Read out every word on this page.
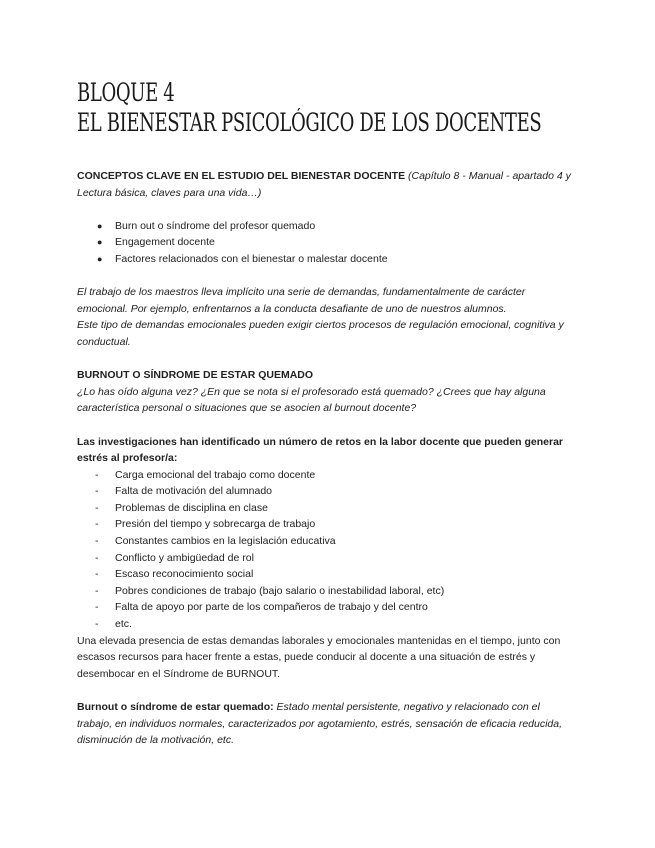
BLOQUE 4
EL BIENESTAR PSICOLÓGICO DE LOS DOCENTES

CONCEPTOS CLAVE EN EL ESTUDIO DEL BIENESTAR DOCENTE (Capítulo 8 - Manual - apartado 4 y Lectura básica, claves para una vida…)

● Burn out o síndrome del profesor quemado
● Engagement docente
● Factores relacionados con el bienestar o malestar docente

El trabajo de los maestros lleva implícito una serie de demandas, fundamentalmente de carácter emocional. Por ejemplo, enfrentarnos a la conducta desafiante de uno de nuestros alumnos.

Este tipo de demandas emocionales pueden exigir ciertos procesos de regulación emocional, cognitiva y conductual.

BURNOUT O SÍNDROME DE ESTAR QUEMADO

¿Lo has oído alguna vez? ¿En que se nota si el profesorado está quemado? ¿Crees que hay alguna característica personal o situaciones que se asocien al burnout docente?

Las investigaciones han identificado un número de retos en la labor docente que pueden generar estrés al profesor/a:

- Carga emocional del trabajo como docente
- Falta de motivación del alumnado
- Problemas de disciplina en clase
- Presión del tiempo y sobrecarga de trabajo
- Constantes cambios en la legislación educativa
- Conflicto y ambigüedad de rol
- Escaso reconocimiento social
- Pobres condiciones de trabajo (bajo salario o inestabilidad laboral, etc)
- Falta de apoyo por parte de los compañeros de trabajo y del centro
- etc.

Una elevada presencia de estas demandas laborales y emocionales mantenidas en el tiempo, junto con escasos recursos para hacer frente a estas, puede conducir al docente a una situación de estrés y desembocar en el Síndrome de BURNOUT.

Burnout o síndrome de estar quemado: Estado mental persistente, negativo y relacionado con el trabajo, en individuos normales, caracterizados por agotamiento, estrés, sensación de eficacia reducida, disminución de la motivación, etc.
